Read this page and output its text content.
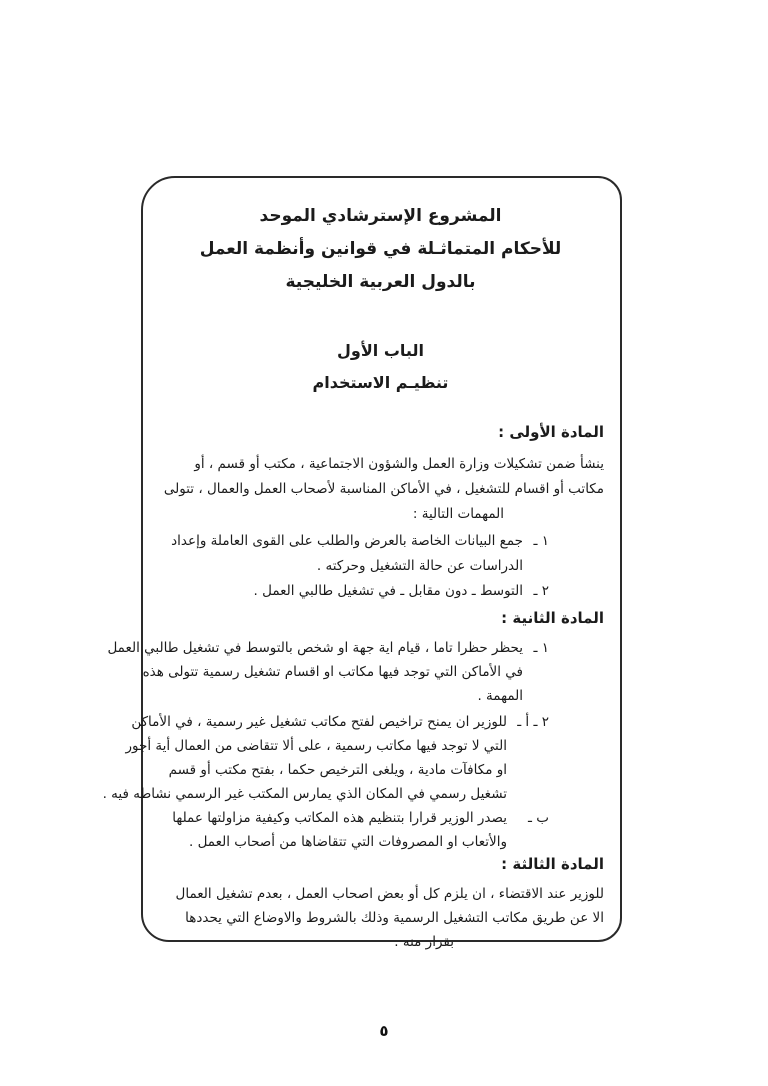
المشروع الإسترشادي الموحد
للأحكام المتماثـلة في قوانين وأنظمة العمل
بالدول العربية الخليجية
الباب الأول
تنظيـم الاستخدام
المادة الأولى :
ينشأ ضمن تشكيلات وزارة العمل والشؤون الاجتماعية ، مكتب أو قسم ، أو
مكاتب أو اقسام للتشغيل ، في الأماكن المناسبة لأصحاب العمل والعمال ، تتولى
المهمات التالية :
١ ـ
جمع البيانات الخاصة بالعرض والطلب على القوى العاملة وإعداد
الدراسات عن حالة التشغيل وحركته .
٢ ـ
التوسط ـ دون مقابل ـ في تشغيل طالبي العمل .
المادة الثانية :
١ ـ
يحظر حظرا تاما ، قيام اية جهة او شخص بالتوسط في تشغيل طالبي العمل
في الأماكن التي توجد فيها مكاتب او اقسام تشغيل رسمية تتولى هذه
المهمة .
٢ ـ أ ـ
للوزير ان يمنح تراخيص لفتح مكاتب تشغيل غير رسمية ، في الأماكن
التي لا توجد فيها مكاتب رسمية ، على ألا تتقاضى من العمال أية أجور
او مكافآت مادية ، ويلغى الترخيص حكما ، بفتح مكتب أو قسم
تشغيل رسمي في المكان الذي يمارس المكتب غير الرسمي نشاطه فيه .
ب ـ
يصدر الوزير قرارا بتنظيم هذه المكاتب وكيفية مزاولتها عملها
والأتعاب او المصروفات التي تتقاضاها من أصحاب العمل .
المادة الثالثة :
للوزير عند الاقتضاء ، ان يلزم كل أو بعض اصحاب العمل ، بعدم تشغيل العمال
الا عن طريق مكاتب التشغيل الرسمية وذلك بالشروط والاوضاع التي يحددها
بقرار منه .
٥
